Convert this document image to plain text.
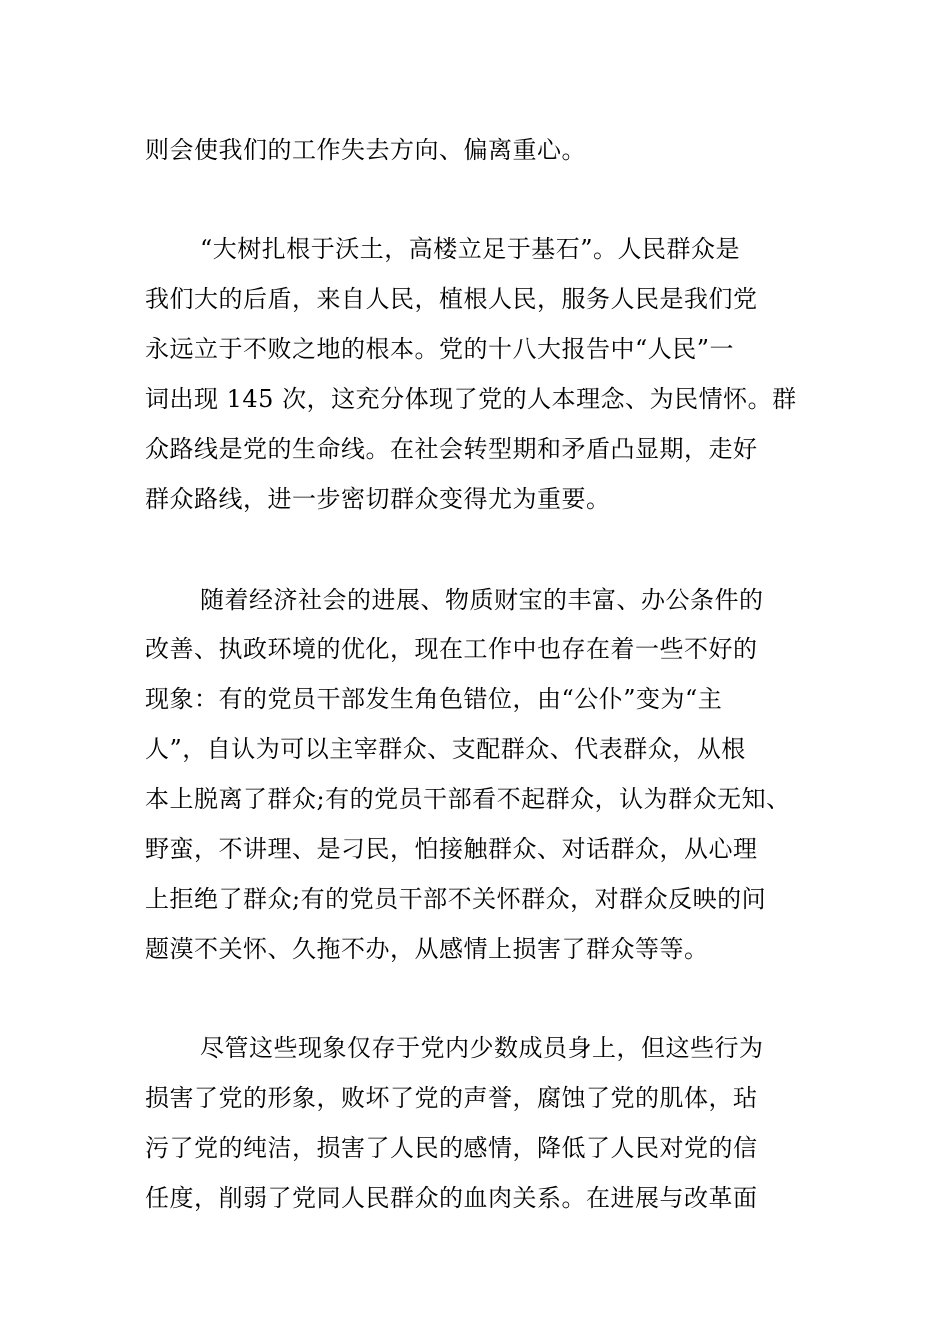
则会使我们的工作失去方向、偏离重心。
“大树扎根于沃土，高楼立足于基石”。人民群众是
我们大的后盾，来自人民，植根人民，服务人民是我们党
永远立于不败之地的根本。党的十八大报告中“人民”一
词出现 145 次，这充分体现了党的人本理念、为民情怀。群
众路线是党的生命线。在社会转型期和矛盾凸显期，走好
群众路线，进一步密切群众变得尤为重要。
随着经济社会的进展、物质财宝的丰富、办公条件的
改善、执政环境的优化，现在工作中也存在着一些不好的
现象：有的党员干部发生角色错位，由“公仆”变为“主
人”，自认为可以主宰群众、支配群众、代表群众，从根
本上脱离了群众;有的党员干部看不起群众，认为群众无知、
野蛮，不讲理、是刁民，怕接触群众、对话群众，从心理
上拒绝了群众;有的党员干部不关怀群众，对群众反映的问
题漠不关怀、久拖不办，从感情上损害了群众等等。
尽管这些现象仅存于党内少数成员身上，但这些行为
损害了党的形象，败坏了党的声誉，腐蚀了党的肌体，玷
污了党的纯洁，损害了人民的感情，降低了人民对党的信
任度，削弱了党同人民群众的血肉关系。在进展与改革面
